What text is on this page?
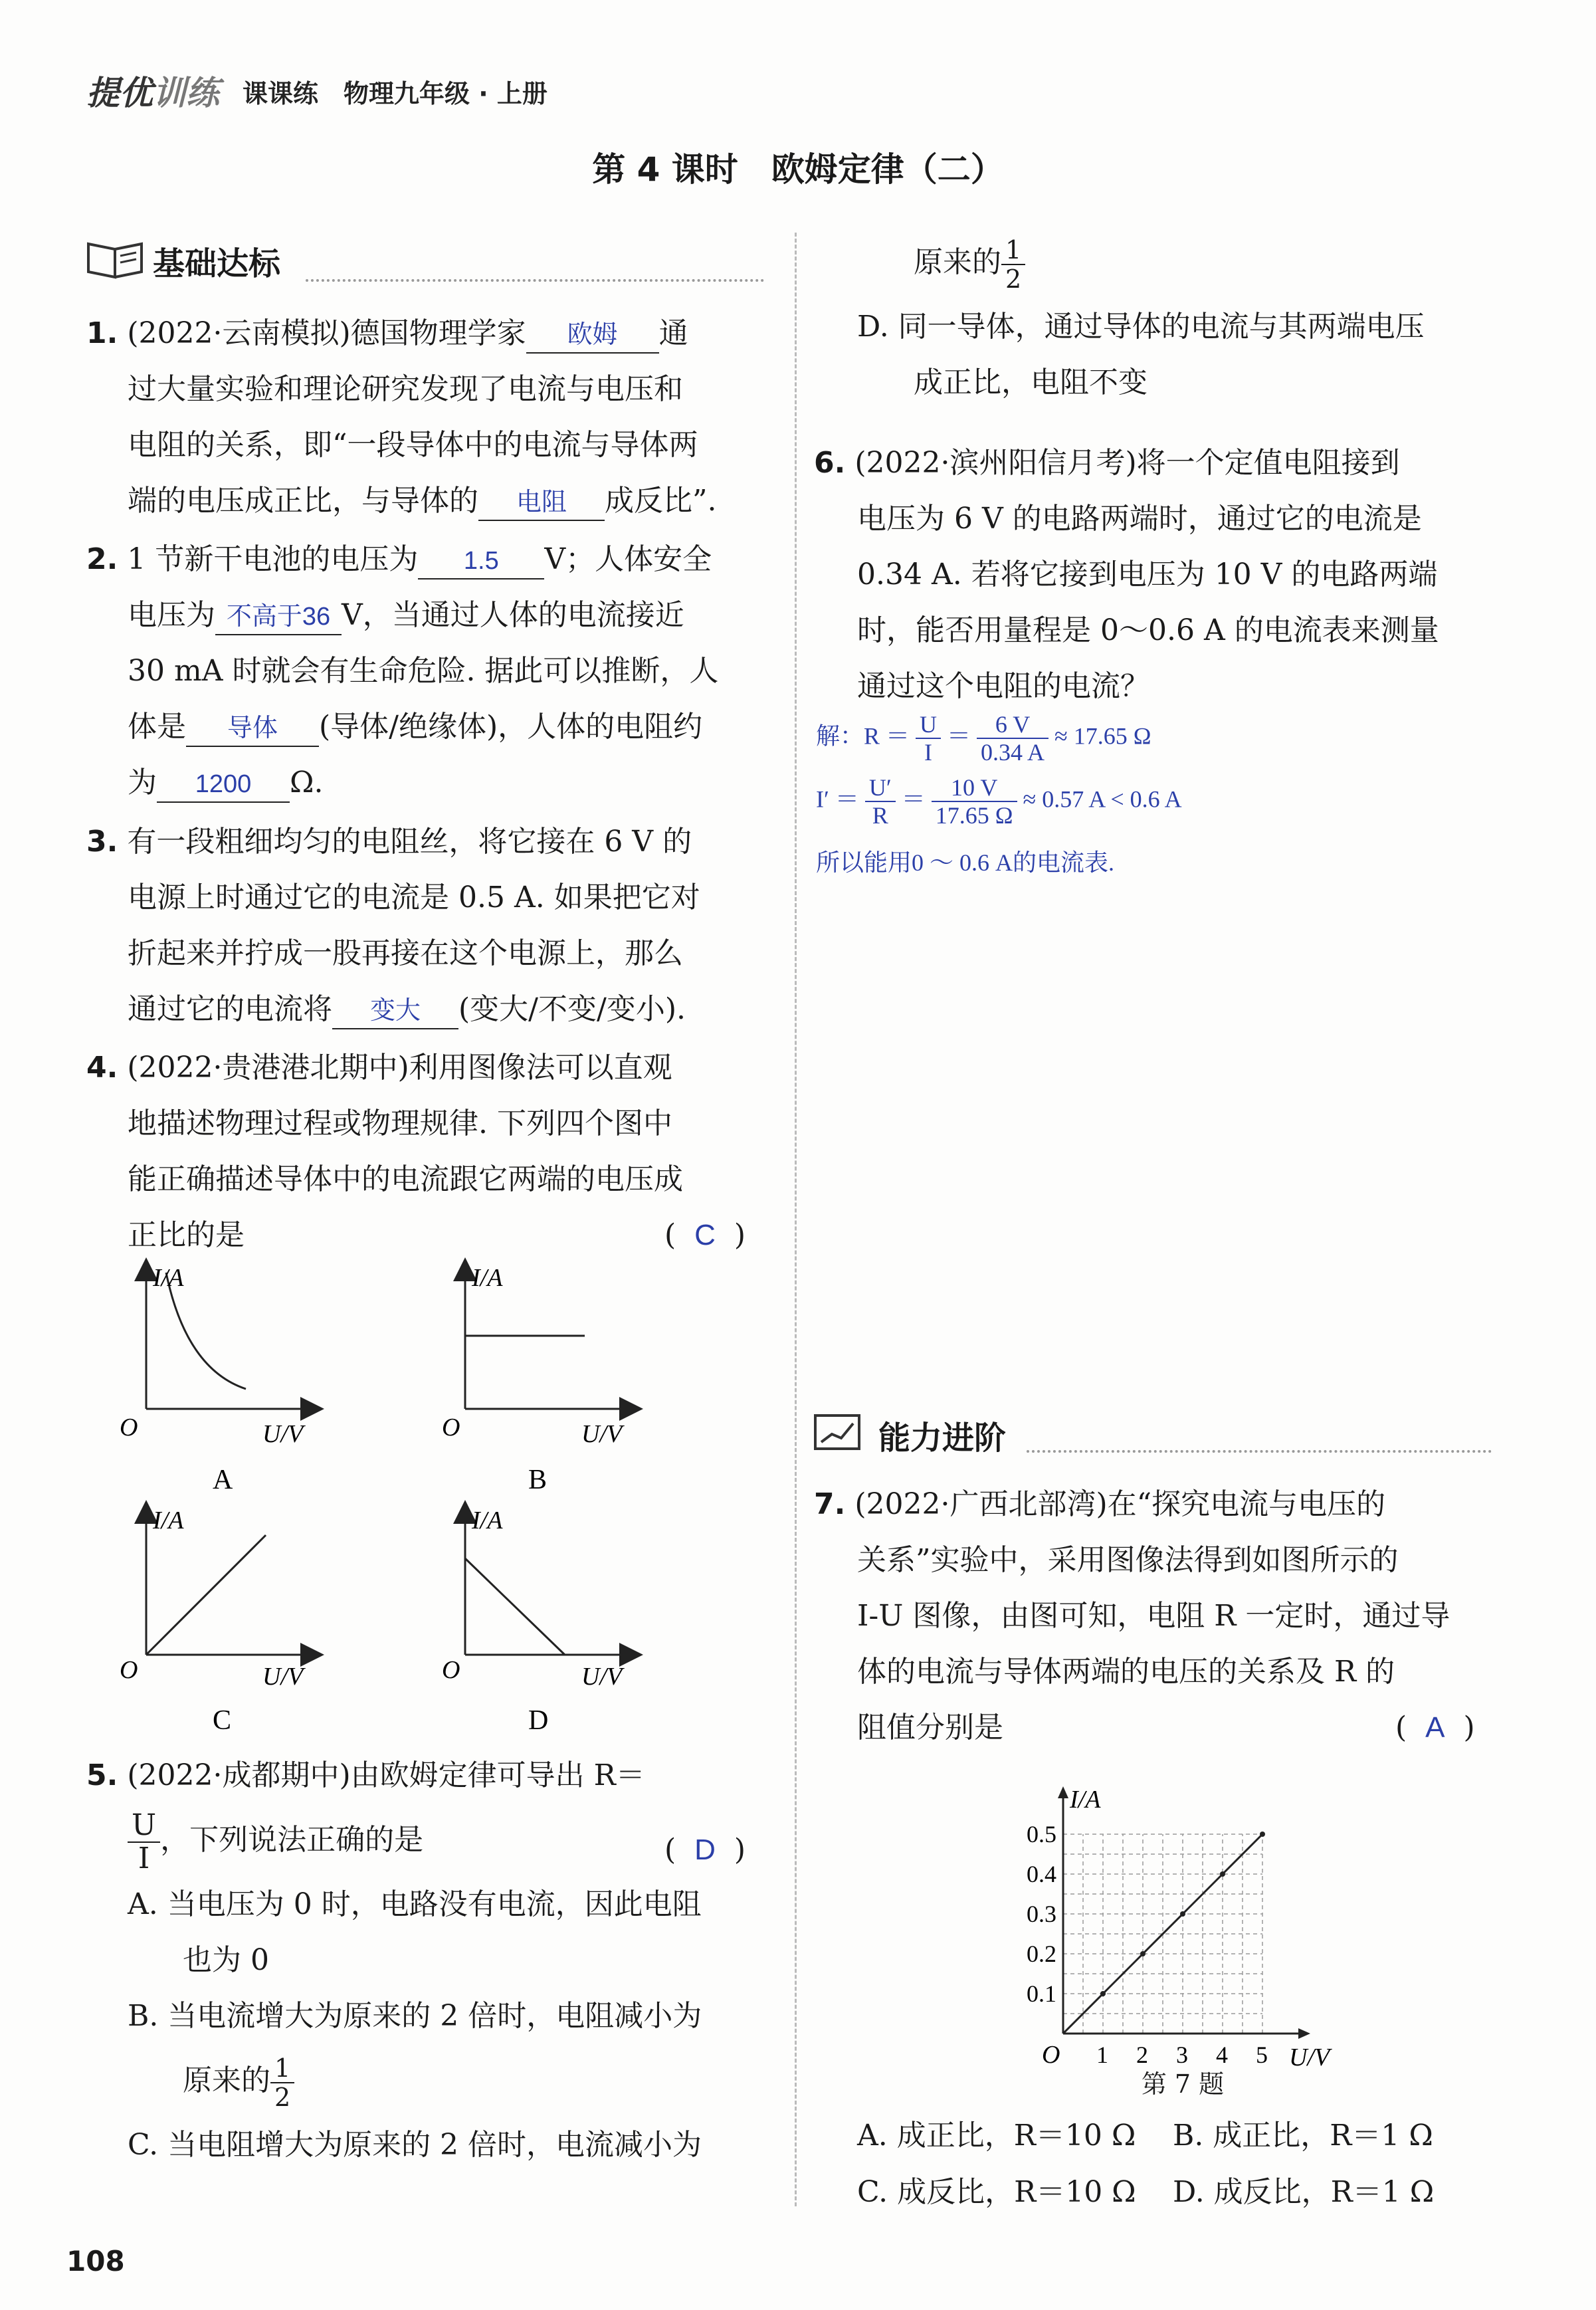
提优训练 课课练　 物理九年级 · 上册
第 4 课时　欧姆定律（二）
基础达标
1. (2022·云南模拟)德国物理学家 欧姆 通
过大量实验和理论研究发现了电流与电压和
电阻的关系，即“一段导体中的电流与导体两
端的电压成正比，与导体的 电阻 成反比”.
2. 1 节新干电池的电压为 1.5 V；人体安全
电压为 不高于36 V，当通过人体的电流接近
30 mA 时就会有生命危险. 据此可以推断，人
体是 导体 (导体/绝缘体)，人体的电阻约
为 1200 Ω.
3. 有一段粗细均匀的电阻丝，将它接在 6 V 的
电源上时通过它的电流是 0.5 A. 如果把它对
折起来并拧成一股再接在这个电源上，那么
通过它的电流将 变大 (变大/不变/变小).
4. (2022·贵港港北期中)利用图像法可以直观
地描述物理过程或物理规律. 下列四个图中
能正确描述导体中的电流跟它两端的电压成
正比的是	( C )
I/A
O	U/V
A
I/A
O	U/V
B
I/A
O	U/V
C
I/A
O	U/V
D
5. (2022·成都期中)由欧姆定律可导出 R＝
$\frac{U}{I}$ ，下列说法正确的是
A. 当电压为 0 时，电路没有电流，因此电阻
也为 0
B. 当电流增大为原来的 2 倍时，电阻减小为
原来的 $\frac{1}{2}$
C. 当电阻增大为原来的 2 倍时，电流减小为
( D )
原来的 $\frac{1}{2}$
D. 同一导体，通过导体的电流与其两端电压
成正比，电阻不变
6. (2022·滨州阳信月考)将一个定值电阻接到
电压为 6 V 的电路两端时，通过它的电流是
0.34 A. 若将它接到电压为 10 V 的电路两端
时，能否用量程是 0～0.6 A 的电流表来测量
通过这个电阻的电流？
解：$R = \frac{U}{I} = \frac{6 V}{0.34 A} \approx 17.65$ Ω
$I' = \frac{U'}{R} = \frac{10 V}{17.65 \Omega} \approx 0.57$ A < 0.6 A
所以能用0 ～ 0.6 A的电流表.
能力进阶
7. (2022·广西北部湾)在“探究电流与电压的
关系”实验中，采用图像法得到如图所示的
I-U 图像，由图可知，电阻 R 一定时，通过导
体的电流与导体两端的电压的关系及 R 的
阻值分别是	( A )
1 2 3 4 5
0.1
0.2
0.3
0.4
0.5
I/A
U/V
O
第 7 题
A. 成正比，R＝10 Ω B. 成正比，R＝1 Ω
C. 成反比，R＝10 Ω D. 成反比，R＝1 Ω
108
